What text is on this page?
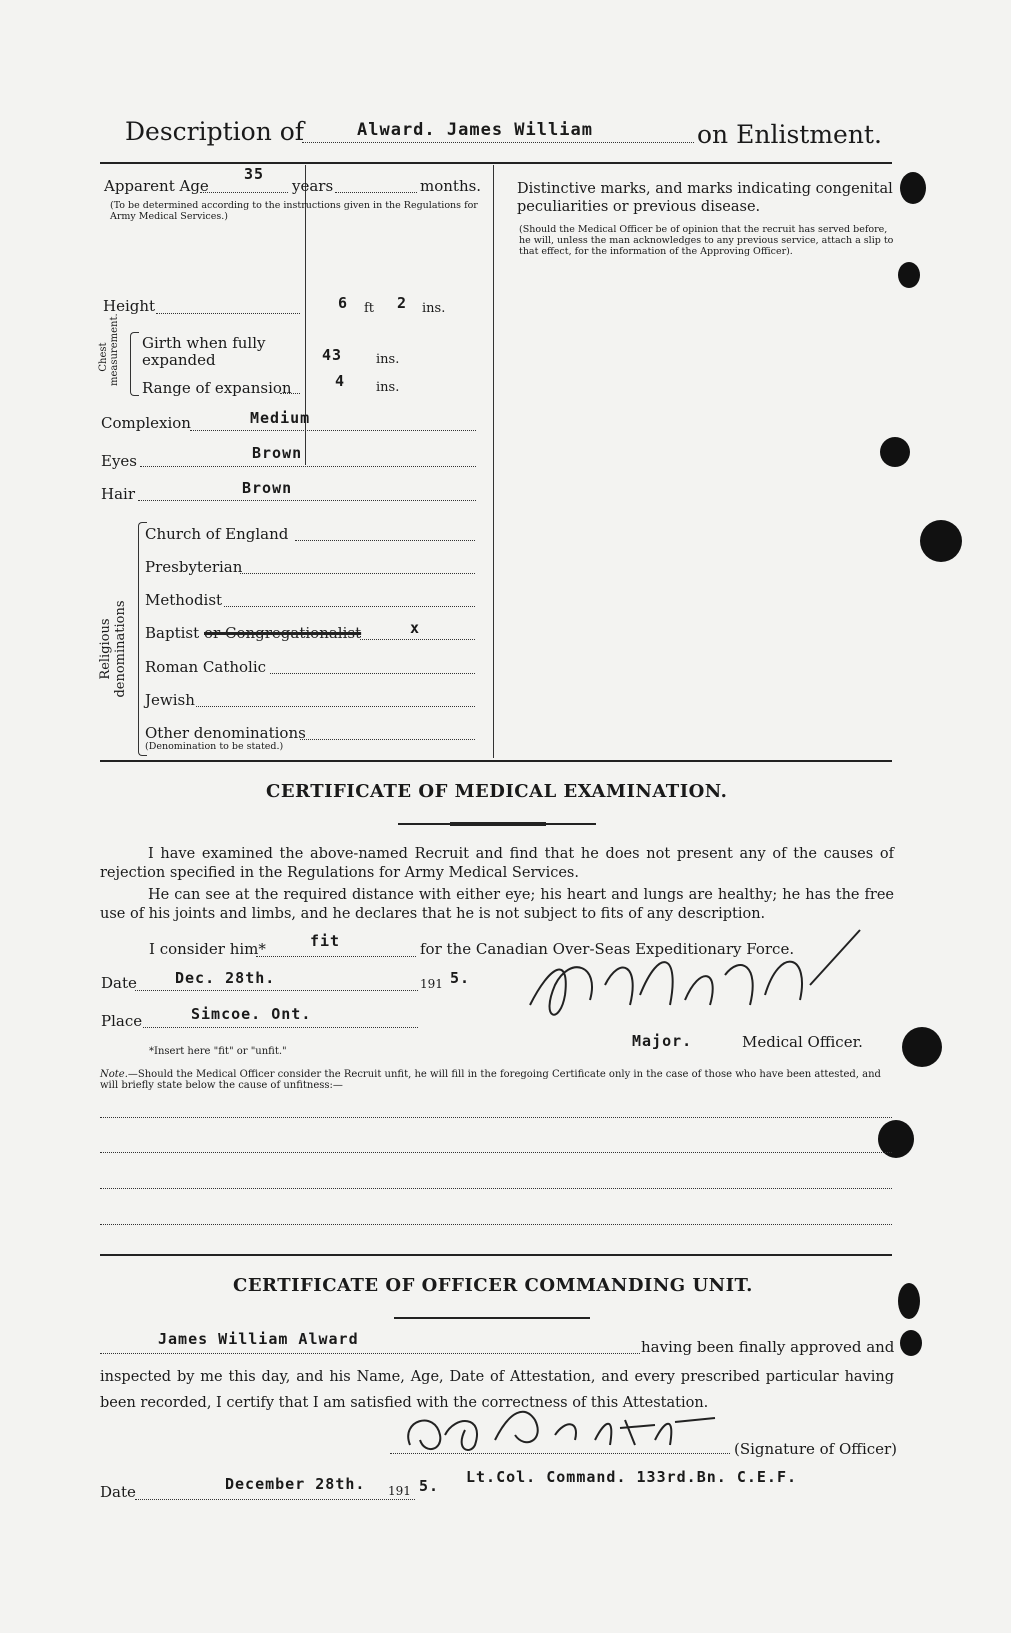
Description of	Alward. James William	on Enlistment.
Apparent Age
35
years	months.
(To be determined according to the instructions given in the Regulations for Army Medical Services.)
Height	6 ft 2 ins.
Chest measurement. Girth when fully expanded	43	ins.
Range of expansion	4 ins.
Complexion	Medium
Eyes	Brown
Hair	Brown
Religious denominations
Church of England
Presbyterian
Methodist
Baptist or Congregationalist	x
Roman Catholic
Jewish
Other denominations
(Denomination to be stated.)
Distinctive marks, and marks indicating congenital peculiarities or previous disease.
(Should the Medical Officer be of opinion that the recruit has served before, he will, unless the man acknowledges to any previous service, attach a slip to that effect, for the information of the Approving Officer).
CERTIFICATE OF MEDICAL EXAMINATION.
I have examined the above-named Recruit and find that he does not present any of the causes of rejection specified in the Regulations for Army Medical Services.
He can see at the required distance with either eye; his heart and lungs are healthy; he has the free use of his joints and limbs, and he declares that he is not subject to fits of any description.
I consider him*	fit	for the Canadian Over-Seas Expeditionary Force.
Date	Dec. 28th.	191 5.
Place	Simcoe. Ont.
*Insert here "fit" or "unfit."
Major.	Medical Officer.
Note.—Should the Medical Officer consider the Recruit unfit, he will fill in the foregoing Certificate only in the case of those who have been attested, and will briefly state below the cause of unfitness:—
CERTIFICATE OF OFFICER COMMANDING UNIT.
James William Alward	having been finally approved and
inspected by me this day, and his Name, Age, Date of Attestation, and every prescribed particular having been recorded, I certify that I am satisfied with the correctness of this Attestation.
(Signature of Officer)
Date	December 28th. 191 5. Lt.Col. Command. 133rd.Bn. C.E.F.
